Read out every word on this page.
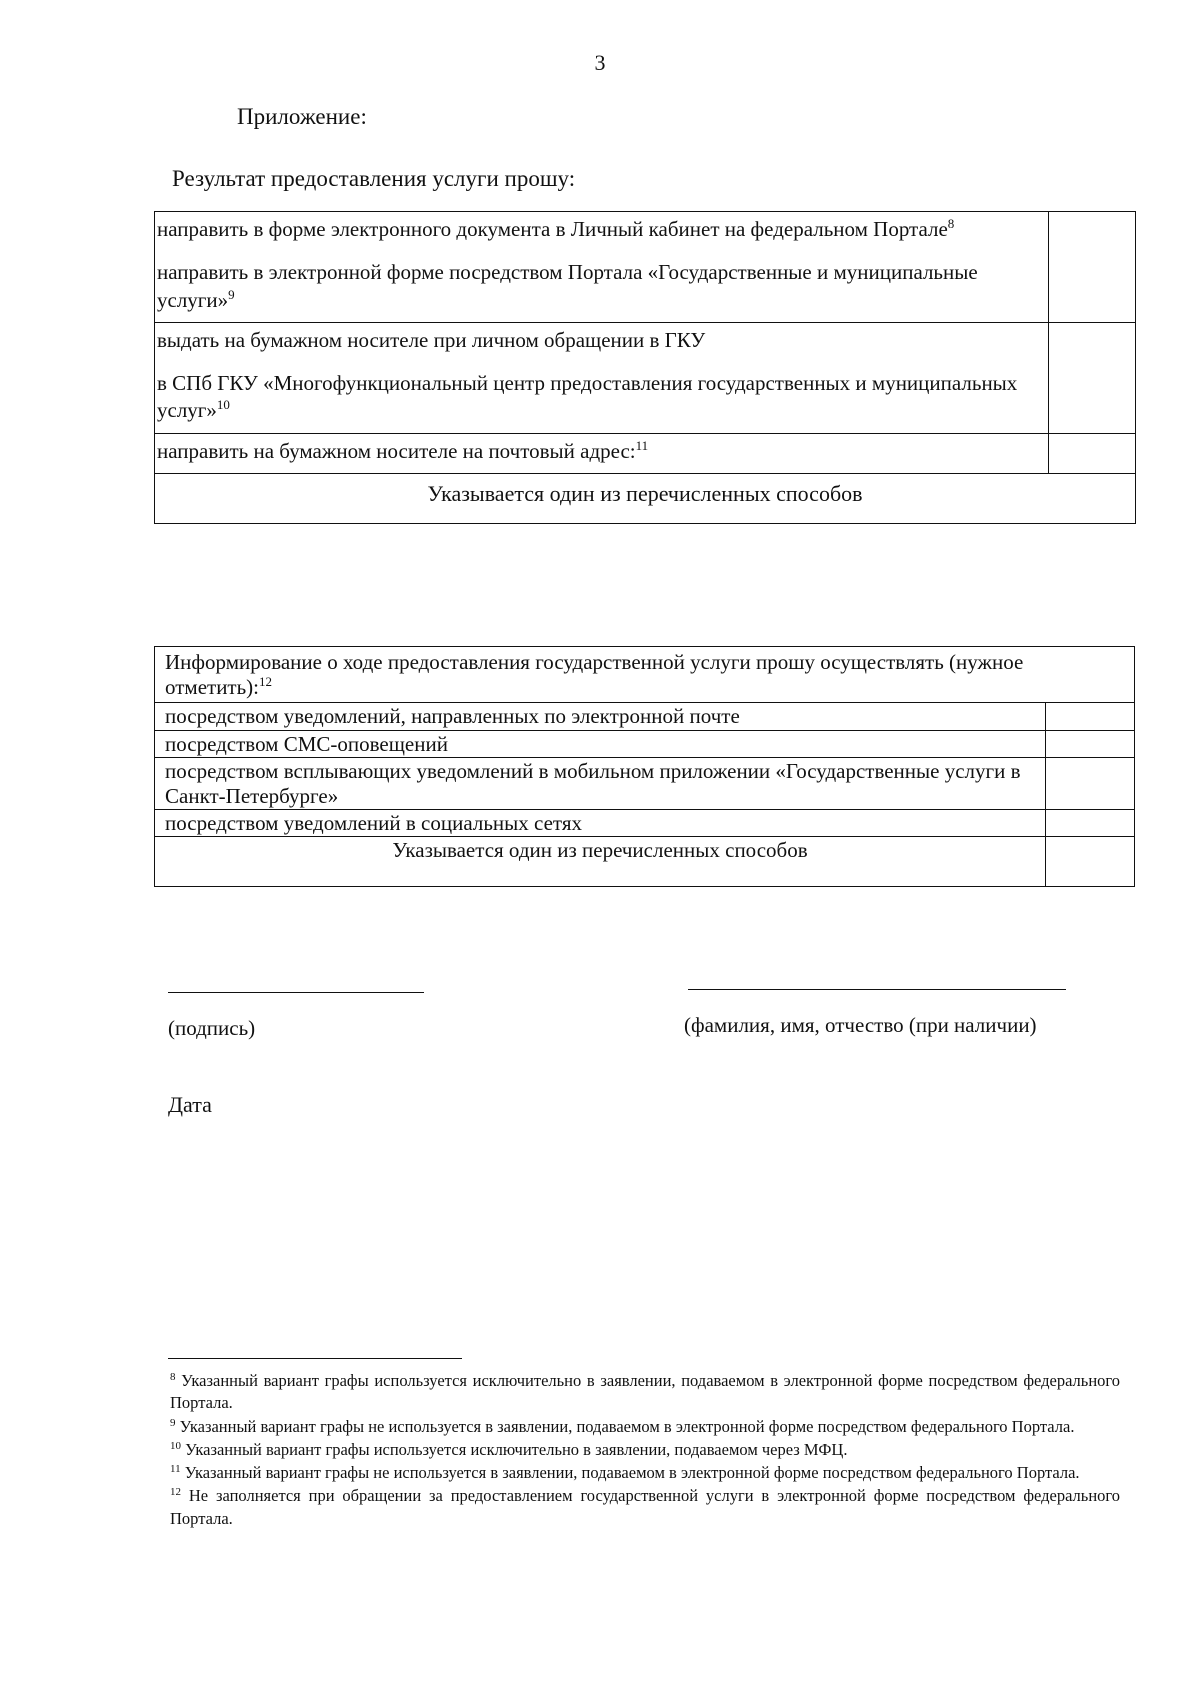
3
Приложение:
Результат предоставления услуги прошу:
направить в форме электронного документа в Личный кабинет на федеральном Портале$^8$
направить в электронной форме посредством Портала «Государственные и муниципальные услуги»$^9$

выдать на бумажном носителе при личном обращении в ГКУ
в СПб ГКУ «Многофункциональный центр предоставления государственных и муниципальных услуг»$^{10}$

направить на бумажном носителе на почтовый адрес:$^{11}$	
Указывается один из перечисленных способов	
Информирование о ходе предоставления государственной услуги прошу осуществлять (нужное отметить):$^{12}$
посредством уведомлений, направленных по электронной почте	
посредством СМС-оповещений	
посредством всплывающих уведомлений в мобильном приложении «Государственные услуги в Санкт-Петербурге»	
посредством уведомлений в социальных сетях	
Указывается один из перечисленных способов	
(подпись)	(фамилия, имя, отчество (при наличии)
Дата
$^8$ Указанный вариант графы используется исключительно в заявлении, подаваемом в электронной форме посредством федерального Портала.
$^9$ Указанный вариант графы не используется в заявлении, подаваемом в электронной форме посредством федерального Портала.
$^{10}$ Указанный вариант графы используется исключительно в заявлении, подаваемом через МФЦ.
$^{11}$ Указанный вариант графы не используется в заявлении, подаваемом в электронной форме посредством федерального Портала.
$^{12}$ Не заполняется при обращении за предоставлением государственной услуги в электронной форме посредством федерального Портала.
